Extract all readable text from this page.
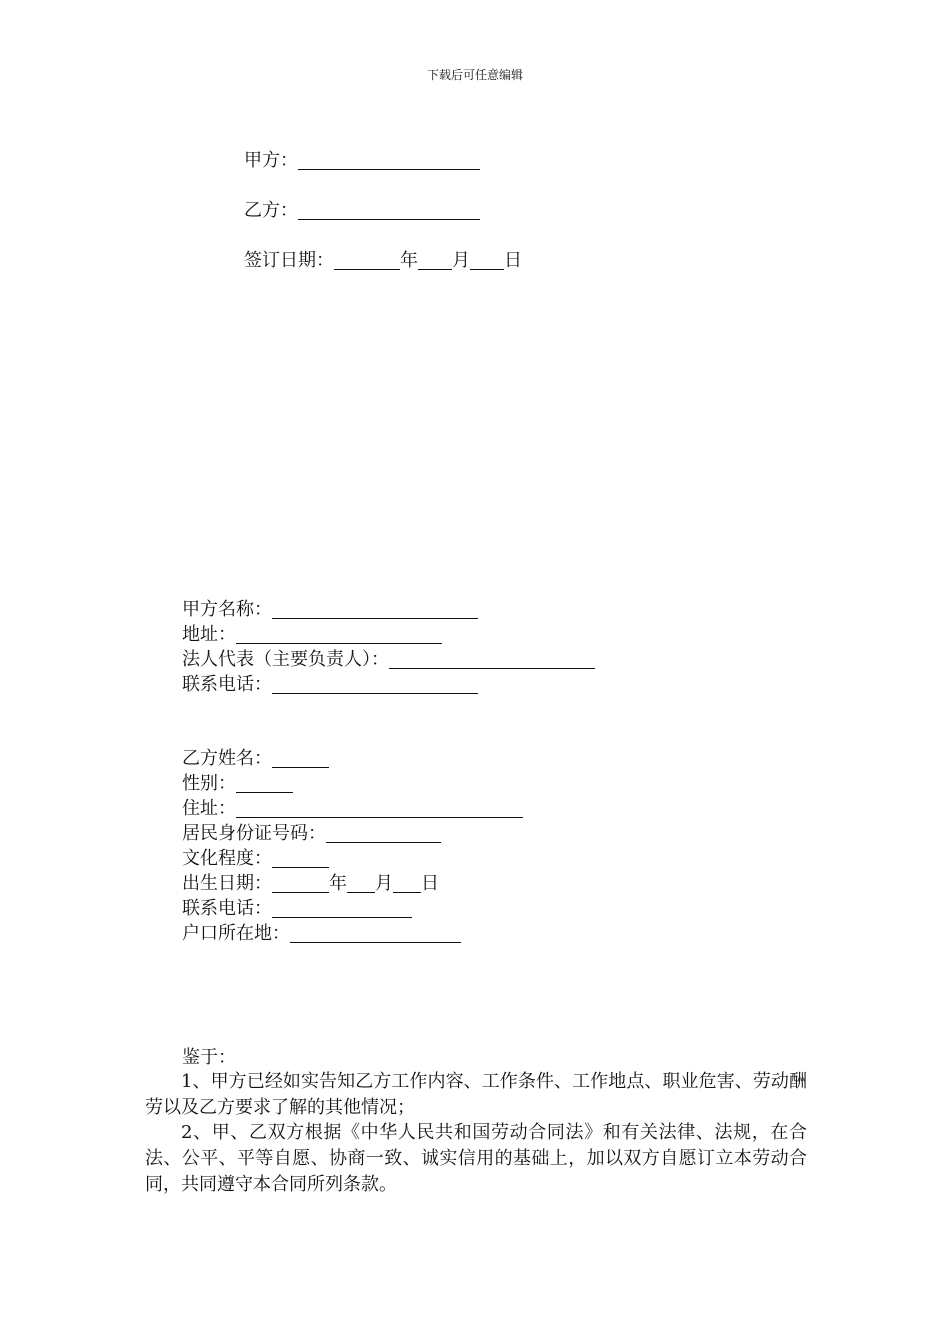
下载后可任意编辑
甲方：
乙方：
签订日期：	年 月 日
甲方名称：
地址：
法人代表（主要负责人）：
联系电话：
乙方姓名：
性别：
住址：
居民身份证号码：
文化程度：
出生日期：	年 月 日
联系电话：
户口所在地：
鉴于：
1、甲方已经如实告知乙方工作内容、工作条件、工作地点、职业危害、劳动酬劳以及乙方要求了解的其他情况；
2、甲、乙双方根据《中华人民共和国劳动合同法》和有关法律、法规，在合法、公平、平等自愿、协商一致、诚实信用的基础上，加以双方自愿订立本劳动合同，共同遵守本合同所列条款。
